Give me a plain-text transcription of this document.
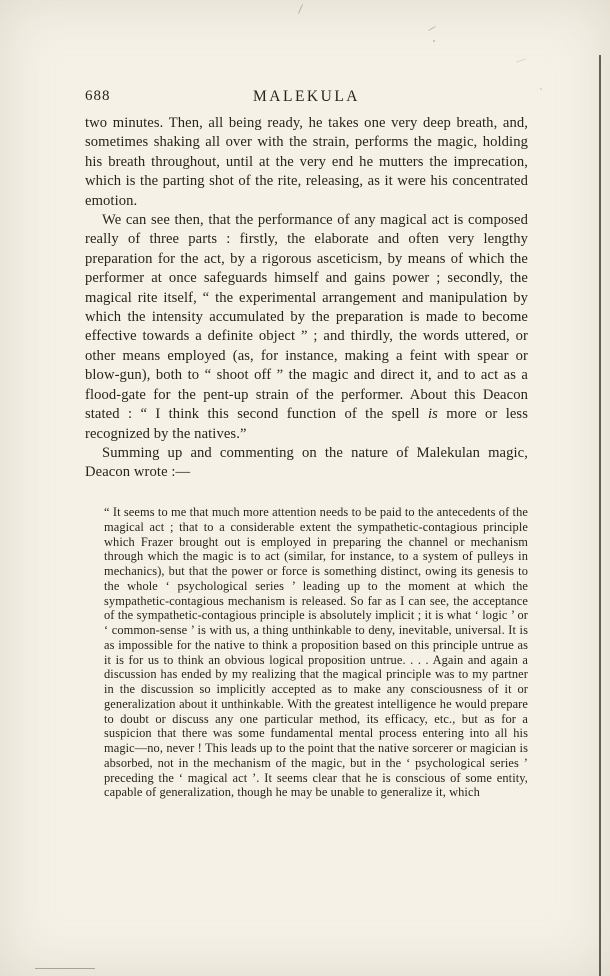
688	MALEKULA

two minutes. Then, all being ready, he takes one very deep breath, and, sometimes shaking all over with the strain, performs the magic, holding his breath throughout, until at the very end he mutters the imprecation, which is the parting shot of the rite, releasing, as it were his concentrated emotion.

We can see then, that the performance of any magical act is composed really of three parts : firstly, the elaborate and often very lengthy preparation for the act, by a rigorous asceticism, by means of which the performer at once safeguards himself and gains power ; secondly, the magical rite itself, “ the experimental arrangement and manipulation by which the intensity accumulated by the preparation is made to become effective towards a definite object ” ; and thirdly, the words uttered, or other means employed (as, for instance, making a feint with spear or blow-gun), both to “ shoot off ” the magic and direct it, and to act as a flood-gate for the pent-up strain of the performer. About this Deacon stated : “ I think this second function of the spell is more or less recognized by the natives.”

Summing up and commenting on the nature of Malekulan magic, Deacon wrote :—

“ It seems to me that much more attention needs to be paid to the antecedents of the magical act ; that to a considerable extent the sympathetic-contagious principle which Frazer brought out is employed in preparing the channel or mechanism through which the magic is to act (similar, for instance, to a system of pulleys in mechanics), but that the power or force is something distinct, owing its genesis to the whole ‘ psychological series ’ leading up to the moment at which the sympathetic-contagious mechanism is released. So far as I can see, the acceptance of the sympathetic-contagious principle is absolutely implicit ; it is what ‘ logic ’ or ‘ common-sense ’ is with us, a thing unthinkable to deny, inevitable, universal. It is as impossible for the native to think a proposition based on this principle untrue as it is for us to think an obvious logical proposition untrue. . . . Again and again a discussion has ended by my realizing that the magical principle was to my partner in the discussion so implicitly accepted as to make any consciousness of it or generalization about it unthinkable. With the greatest intelligence he would prepare to doubt or discuss any one particular method, its efficacy, etc., but as for a suspicion that there was some fundamental mental process entering into all his magic—no, never ! This leads up to the point that the native sorcerer or magician is absorbed, not in the mechanism of the magic, but in the ‘ psychological series ’ preceding the ‘ magical act ’. It seems clear that he is conscious of some entity, capable of generalization, though he may be unable to generalize it, which
